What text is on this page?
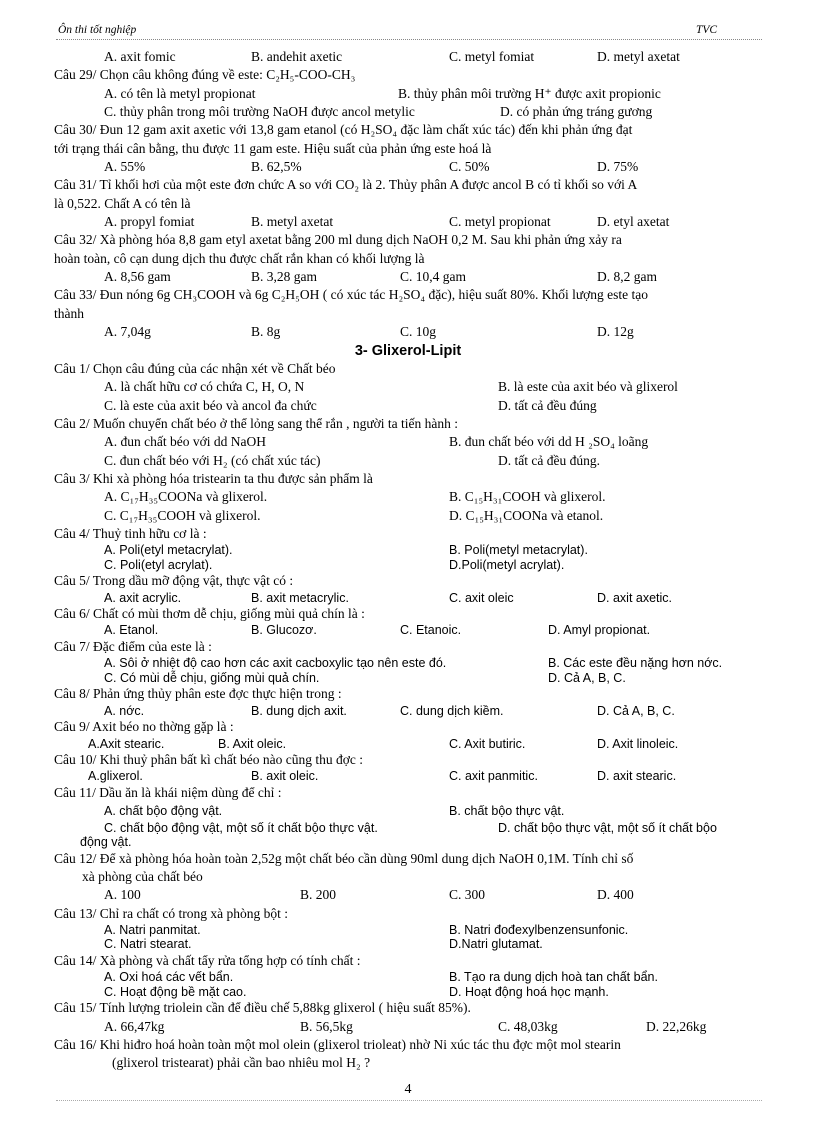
Ôn thi tốt nghiệp	TVC
A. axit fomic	B. andehit axetic	C. metyl fomiat	D. metyl axetat
Câu 29/ Chọn câu không đúng về este: C₂H₅-COO-CH₃
A. có tên là metyl propionat	B. thủy phân môi trường H⁺ được axit propionic
C. thủy phân trong môi trường NaOH được ancol metylic	D. có phản ứng tráng gương
Câu 30/ Đun 12 gam axit axetic với 13,8 gam etanol (có H₂SO₄ đặc làm chất xúc tác) đến khi phản ứng đạt
tới trạng thái cân bằng, thu được 11 gam este. Hiệu suất của phản ứng este hoá là
A. 55%	B. 62,5%	C. 50%	D. 75%
Câu 31/ Tỉ khối hơi của một este đơn chức A so với CO₂ là 2. Thủy phân A được ancol B có tỉ khối so với A
là 0,522. Chất A có tên là
A. propyl fomiat	B. metyl axetat	C. metyl propionat	D. etyl axetat
Câu 32/ Xà phòng hóa 8,8 gam etyl axetat bằng 200 ml dung dịch NaOH 0,2 M. Sau khi phản ứng xảy ra
hoàn toàn, cô cạn dung dịch thu được chất rắn khan có khối lượng là
A. 8,56 gam	B. 3,28 gam	C. 10,4 gam	D. 8,2 gam
Câu 33/ Đun nóng 6g CH₃COOH và 6g C₂H₅OH ( có xúc tác H₂SO₄ đặc), hiệu suất 80%. Khối lượng este tạo
thành
A. 7,04g	B. 8g	C. 10g	D. 12g
3- Glixerol-Lipit
Câu 1/ Chọn câu đúng của các nhận xét về Chất béo
A. là chất hữu cơ có chứa C, H, O, N	B. là este của axit béo và glixerol
C. là este của axit béo và ancol đa chức	D. tất cả đều đúng
Câu 2/ Muốn chuyển chất béo ở thể lỏng sang thể rắn , người ta tiến hành :
A. đun chất béo với dd NaOH	B. đun chất béo với dd H ₂SO₄ loãng
C. đun chất béo với H₂ (có chất xúc tác)	D. tất cả đều đúng.
Câu 3/ Khi xà phòng hóa tristearin ta thu được sản phẩm là
A. C₁₇H₃₅COONa và glixerol.	B. C₁₅H₃₁COOH và glixerol.
C. C₁₇H₃₅COOH và glixerol.	D. C₁₅H₃₁COONa và etanol.
Câu 4/ Thuỷ tinh hữu cơ là :
A. Poli(etyl metacrylat).	B. Poli(metyl metacrylat).
C. Poli(etyl acrylat).	D.Poli(metyl acrylat).
Câu 5/ Trong dầu mỡ động vật, thực vật có :
A. axit acrylic.	B. axit metacrylic.	C. axit oleic	D. axit axetic.
Câu 6/ Chất có mùi thơm dễ chịu, giống mùi quả chín là :
A. Etanol.	B. Glucozơ.	C. Etanoic.	D. Amyl propionat.
Câu 7/ Đặc điểm của este là :
A. Sôi ở nhiệt độ cao hơn các axit cacboxylic tạo nên este đó.	B. Các este đều nặng hơn nớc.
C. Có mùi dễ chịu, giống mùi quả chín.	D. Cả A, B, C.
Câu 8/ Phản ứng thủy phân este đợc thực hiện trong :
A. nớc.	B. dung dịch axit.	C. dung dịch kiềm.	D. Cả A, B, C.
Câu 9/ Axit béo no thờng gặp là :
A.Axit stearic.	B. Axit oleic.	C. Axit butiric.	D. Axit linoleic.
Câu 10/ Khi thuỷ phân bất kì chất béo nào cũng thu đợc :
A.glixerol.	B. axit oleic.	C. axit panmitic.	D. axit stearic.
Câu 11/ Dầu ăn là khái niệm dùng để chỉ :
A. chất bộo động vật.	B. chất bộo thực vật.
C. chất bộo động vật, một số ít chất bộo thực vật.	D. chất bộo thực vật, một số ít chất bộo
động vật.
Câu 12/ Để xà phòng hóa hoàn toàn 2,52g một chất béo cần dùng 90ml dung dịch NaOH 0,1M. Tính chỉ số
xà phòng của chất béo
A. 100	B. 200	C. 300	D. 400
Câu 13/ Chỉ ra chất có trong xà phòng bột :
A. Natri panmitat.	B. Natri đođexylbenzensunfonic.
C. Natri stearat.	D.Natri glutamat.
Câu 14/ Xà phòng và chất tẩy rửa tổng hợp có tính chất :
A. Oxi hoá các vết bẩn.	B. Tạo ra dung dịch hoà tan chất bẩn.
C. Hoạt động bề mặt cao.	D. Hoạt động hoá học mạnh.
Câu 15/ Tính lượng triolein cần để điều chế 5,88kg glixerol ( hiệu suất 85%).
A. 66,47kg	B. 56,5kg	C. 48,03kg	D. 22,26kg
Câu 16/ Khi hiđro hoá hoàn toàn một mol olein (glixerol trioleat) nhờ Ni xúc tác thu đợc một mol stearin
(glixerol tristearat) phải cần bao nhiêu mol H₂ ?
4
